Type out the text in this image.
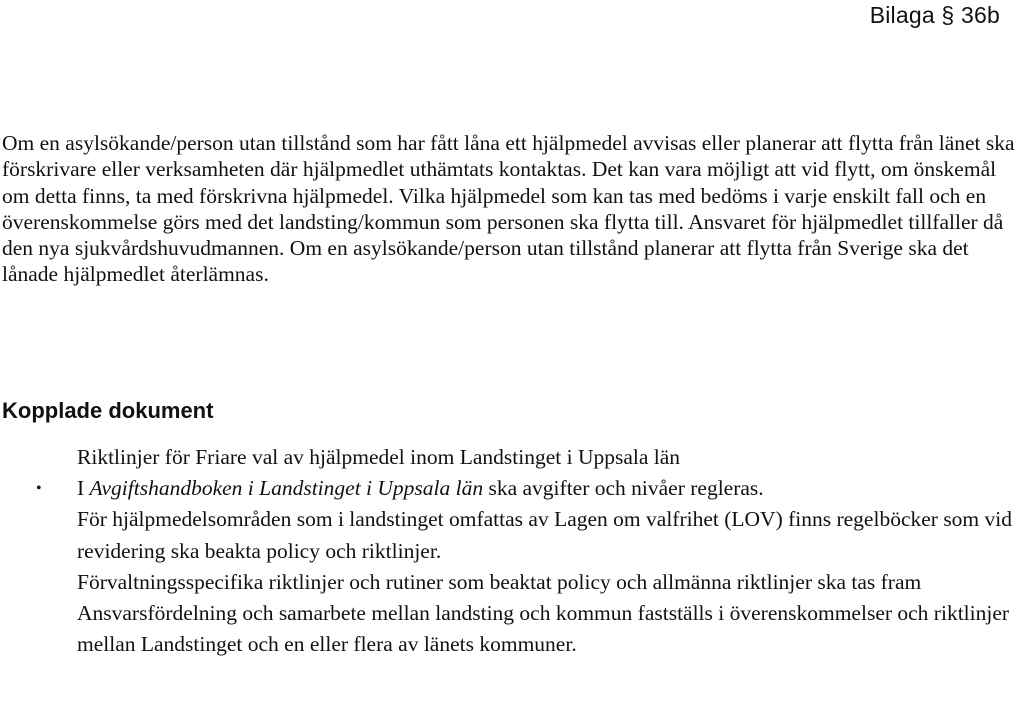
Bilaga § 36b

Om en asylsökande/person utan tillstånd som har fått låna ett hjälpmedel avvisas eller planerar att flytta från länet ska förskrivare eller verksamheten där hjälpmedlet uthämtats kontaktas. Det kan vara möjligt att vid flytt, om önskemål om detta finns, ta med förskrivna hjälpmedel. Vilka hjälpmedel som kan tas med bedöms i varje enskilt fall och en överenskommelse görs med det landsting/kommun som personen ska flytta till. Ansvaret för hjälpmedlet tillfaller då den nya sjukvårdshuvudmannen. Om en asylsökande/person utan tillstånd planerar att flytta från Sverige ska det lånade hjälpmedlet återlämnas.

Kopplade dokument
Riktlinjer för Friare val av hjälpmedel inom Landstinget i Uppsala län
• I Avgiftshandboken i Landstinget i Uppsala län ska avgifter och nivåer regleras.
För hjälpmedelsområden som i landstinget omfattas av Lagen om valfrihet (LOV) finns regelböcker som vid revidering ska beakta policy och riktlinjer.
Förvaltningsspecifika riktlinjer och rutiner som beaktat policy och allmänna riktlinjer ska tas fram
Ansvarsfördelning och samarbete mellan landsting och kommun fastställs i överenskommelser och riktlinjer mellan Landstinget och en eller flera av länets kommuner.
